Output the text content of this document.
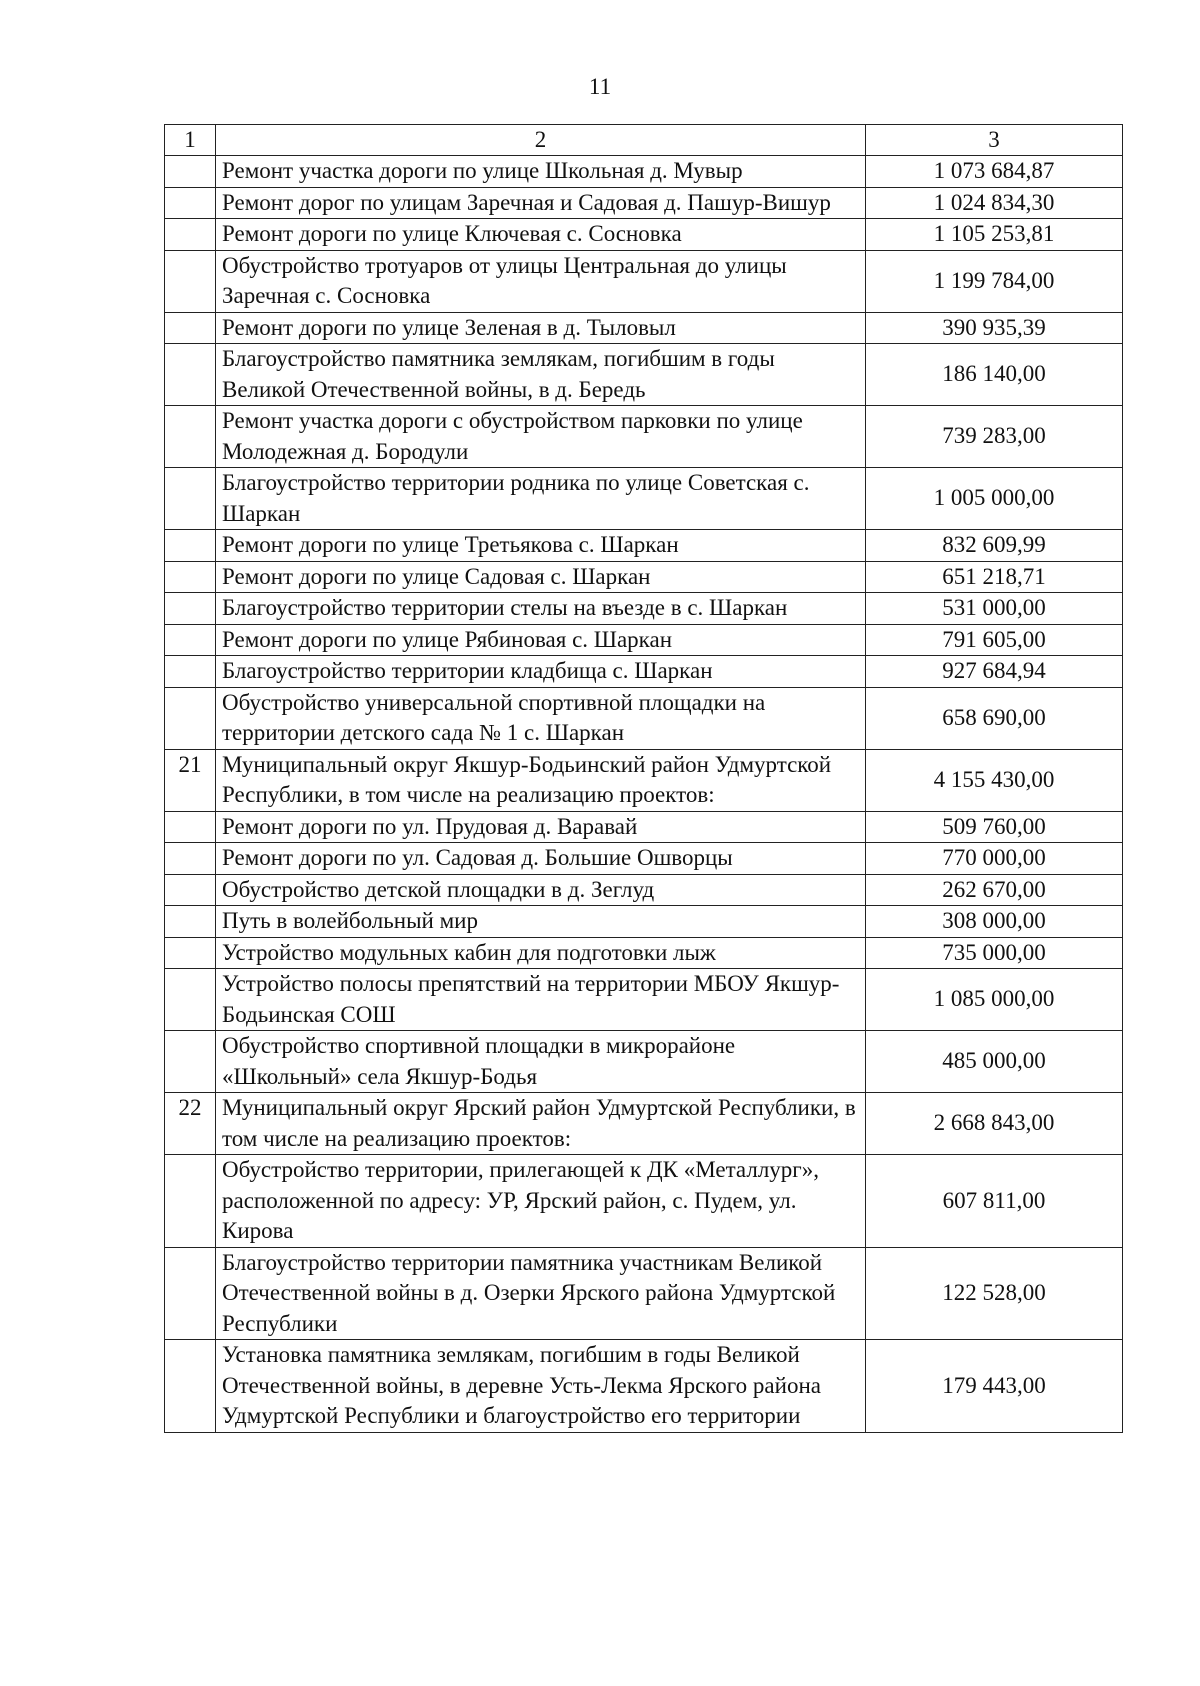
11
1	2	3
	Ремонт участка дороги по улице Школьная д. Мувыр	1 073 684,87
	Ремонт дорог по улицам Заречная и Садовая д. Пашур-Вишур	1 024 834,30
	Ремонт дороги по улице Ключевая с. Сосновка	1 105 253,81
	Обустройство тротуаров от улицы Центральная до улицы Заречная с. Сосновка	1 199 784,00
	Ремонт дороги по улице Зеленая в д. Тыловыл	390 935,39
	Благоустройство памятника землякам, погибшим в годы Великой Отечественной войны, в д. Бередь	186 140,00
	Ремонт участка дороги с обустройством парковки по улице Молодежная д. Бородули	739 283,00
	Благоустройство территории родника по улице Советская с. Шаркан	1 005 000,00
	Ремонт дороги по улице Третьякова с. Шаркан	832 609,99
	Ремонт дороги по улице Садовая с. Шаркан	651 218,71
	Благоустройство территории стелы на въезде в с. Шаркан	531 000,00
	Ремонт дороги по улице Рябиновая с. Шаркан	791 605,00
	Благоустройство территории кладбища с. Шаркан	927 684,94
	Обустройство универсальной спортивной площадки на территории детского сада № 1 с. Шаркан	658 690,00
21	Муниципальный округ Якшур-Бодьинский район Удмуртской Республики, в том числе на реализацию проектов:	4 155 430,00
	Ремонт дороги по ул. Прудовая д. Варавай	509 760,00
	Ремонт дороги по ул. Садовая д. Большие Ошворцы	770 000,00
	Обустройство детской площадки в д. Зеглуд	262 670,00
	Путь в волейбольный мир	308 000,00
	Устройство модульных кабин для подготовки лыж	735 000,00
	Устройство полосы препятствий на территории МБОУ Якшур-Бодьинская СОШ	1 085 000,00
	Обустройство спортивной площадки в микрорайоне «Школьный» села Якшур-Бодья	485 000,00
22	Муниципальный округ Ярский район Удмуртской Республики, в том числе на реализацию проектов:	2 668 843,00
	Обустройство территории, прилегающей к ДК «Металлург», расположенной по адресу: УР, Ярский район, с. Пудем, ул. Кирова	607 811,00
	Благоустройство территории памятника участникам Великой Отечественной войны в д. Озерки Ярского района Удмуртской Республики	122 528,00
	Установка памятника землякам, погибшим в годы Великой Отечественной войны, в деревне Усть-Лекма Ярского района Удмуртской Республики и благоустройство его территории	179 443,00
